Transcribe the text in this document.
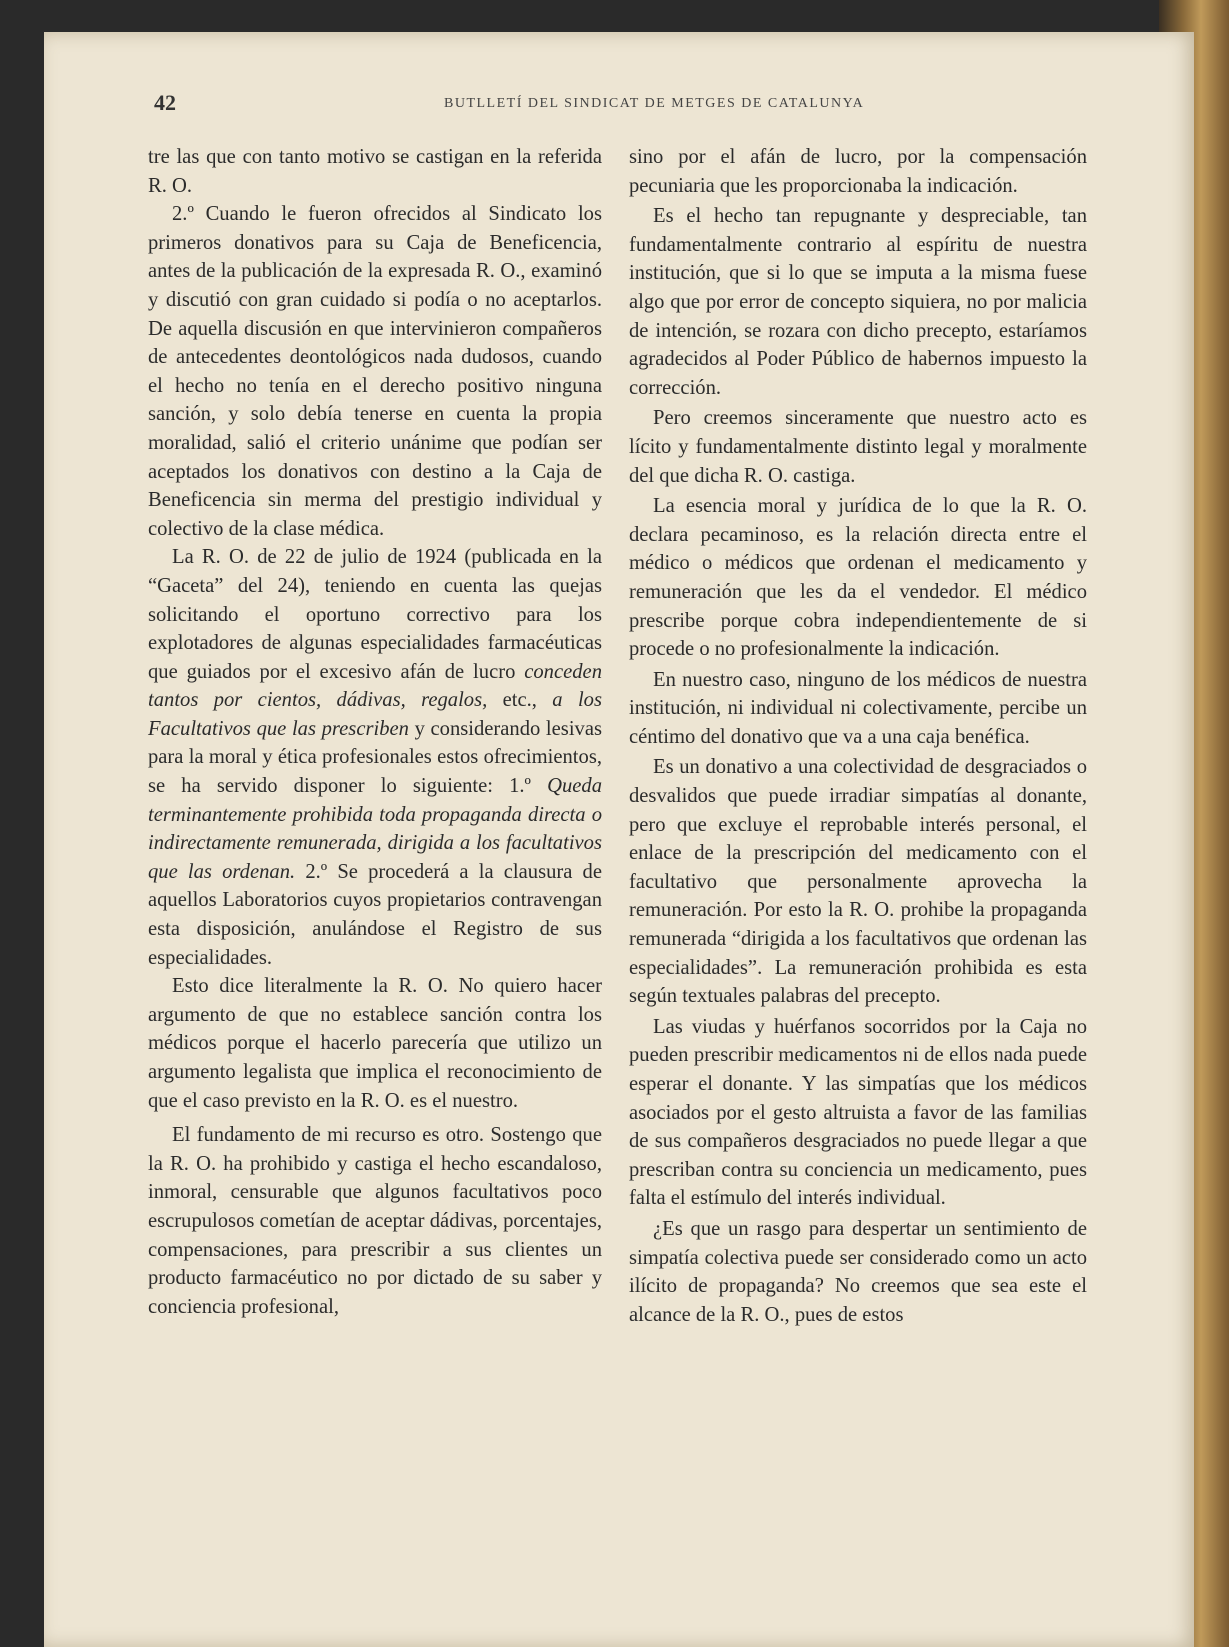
42	BUTLLETÍ DEL SINDICAT DE METGES DE CATALUNYA

tre las que con tanto motivo se castigan en la referida R. O.

2.º Cuando le fueron ofrecidos al Sindicato los primeros donativos para su Caja de Beneficencia, antes de la publicación de la expresada R. O., examinó y discutió con gran cuidado si podía o no aceptarlos. De aquella discusión en que intervinieron compañeros de antecedentes deontológicos nada dudosos, cuando el hecho no tenía en el derecho positivo ninguna sanción, y solo debía tenerse en cuenta la propia moralidad, salió el criterio unánime que podían ser aceptados los donativos con destino a la Caja de Beneficencia sin merma del prestigio individual y colectivo de la clase médica.

La R. O. de 22 de julio de 1924 (publicada en la “Gaceta” del 24), teniendo en cuenta las quejas solicitando el oportuno correctivo para los explotadores de algunas especialidades farmacéuticas que guiados por el excesivo afán de lucro conceden tantos por cientos, dádivas, regalos, etc., a los Facultativos que las prescriben y considerando lesivas para la moral y ética profesionales estos ofrecimientos, se ha servido disponer lo siguiente: 1.º Queda terminantemente prohibida toda propaganda directa o indirectamente remunerada, dirigida a los facultativos que las ordenan. 2.º Se procederá a la clausura de aquellos Laboratorios cuyos propietarios contravengan esta disposición, anulándose el Registro de sus especialidades.

Esto dice literalmente la R. O. No quiero hacer argumento de que no establece sanción contra los médicos porque el hacerlo parecería que utilizo un argumento legalista que implica el reconocimiento de que el caso previsto en la R. O. es el nuestro.

El fundamento de mi recurso es otro. Sostengo que la R. O. ha prohibido y castiga el hecho escandaloso, inmoral, censurable que algunos facultativos poco escrupulosos cometían de aceptar dádivas, porcentajes, compensaciones, para prescribir a sus clientes un producto farmacéutico no por dictado de su saber y conciencia profesional,

sino por el afán de lucro, por la compensación pecuniaria que les proporcionaba la indicación.

Es el hecho tan repugnante y despreciable, tan fundamentalmente contrario al espíritu de nuestra institución, que si lo que se imputa a la misma fuese algo que por error de concepto siquiera, no por malicia de intención, se rozara con dicho precepto, estaríamos agradecidos al Poder Público de habernos impuesto la corrección.

Pero creemos sinceramente que nuestro acto es lícito y fundamentalmente distinto legal y moralmente del que dicha R. O. castiga.

La esencia moral y jurídica de lo que la R. O. declara pecaminoso, es la relación directa entre el médico o médicos que ordenan el medicamento y remuneración que les da el vendedor. El médico prescribe porque cobra independientemente de si procede o no profesionalmente la indicación.

En nuestro caso, ninguno de los médicos de nuestra institución, ni individual ni colectivamente, percibe un céntimo del donativo que va a una caja benéfica.

Es un donativo a una colectividad de desgraciados o desvalidos que puede irradiar simpatías al donante, pero que excluye el reprobable interés personal, el enlace de la prescripción del medicamento con el facultativo que personalmente aprovecha la remuneración. Por esto la R. O. prohibe la propaganda remunerada “dirigida a los facultativos que ordenan las especialidades”. La remuneración prohibida es esta según textuales palabras del precepto.

Las viudas y huérfanos socorridos por la Caja no pueden prescribir medicamentos ni de ellos nada puede esperar el donante. Y las simpatías que los médicos asociados por el gesto altruista a favor de las familias de sus compañeros desgraciados no puede llegar a que prescriban contra su conciencia un medicamento, pues falta el estímulo del interés individual.

¿Es que un rasgo para despertar un sentimiento de simpatía colectiva puede ser considerado como un acto ilícito de propaganda? No creemos que sea este el alcance de la R. O., pues de estos
